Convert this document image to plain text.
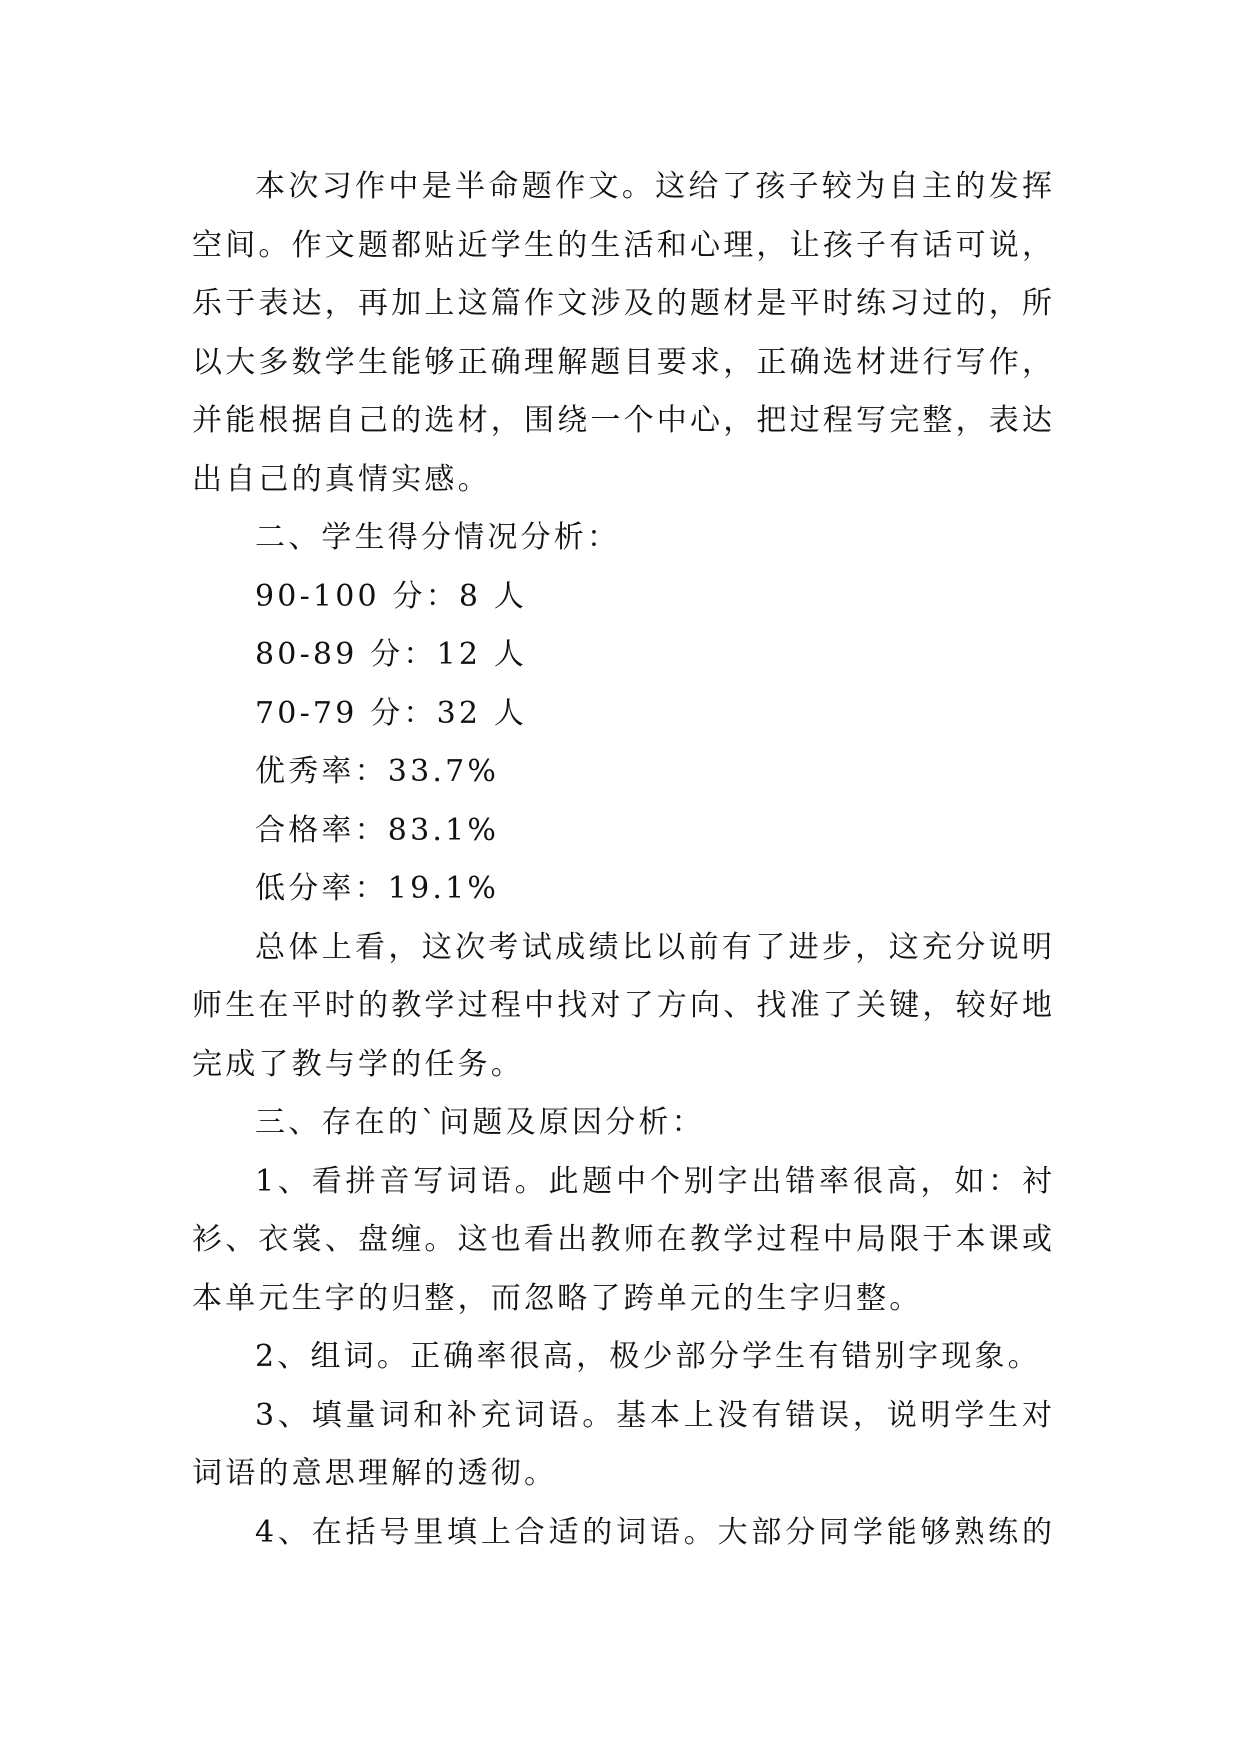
本次习作中是半命题作文。这给了孩子较为自主的发挥
空间。作文题都贴近学生的生活和心理，让孩子有话可说，
乐于表达，再加上这篇作文涉及的题材是平时练习过的，所
以大多数学生能够正确理解题目要求，正确选材进行写作，
并能根据自己的选材，围绕一个中心，把过程写完整，表达
出自己的真情实感。
二、学生得分情况分析：
90-100 分：8 人
80-89 分：12 人
70-79 分：32 人
优秀率：33.7%
合格率：83.1%
低分率：19.1%
总体上看，这次考试成绩比以前有了进步，这充分说明
师生在平时的教学过程中找对了方向、找准了关键，较好地
完成了教与学的任务。
三、存在的`问题及原因分析：
1、看拼音写词语。此题中个别字出错率很高，如：衬
衫、衣裳、盘缠。这也看出教师在教学过程中局限于本课或
本单元生字的归整，而忽略了跨单元的生字归整。
2、组词。正确率很高，极少部分学生有错别字现象。
3、填量词和补充词语。基本上没有错误，说明学生对
词语的意思理解的透彻。
4、在括号里填上合适的词语。大部分同学能够熟练的
